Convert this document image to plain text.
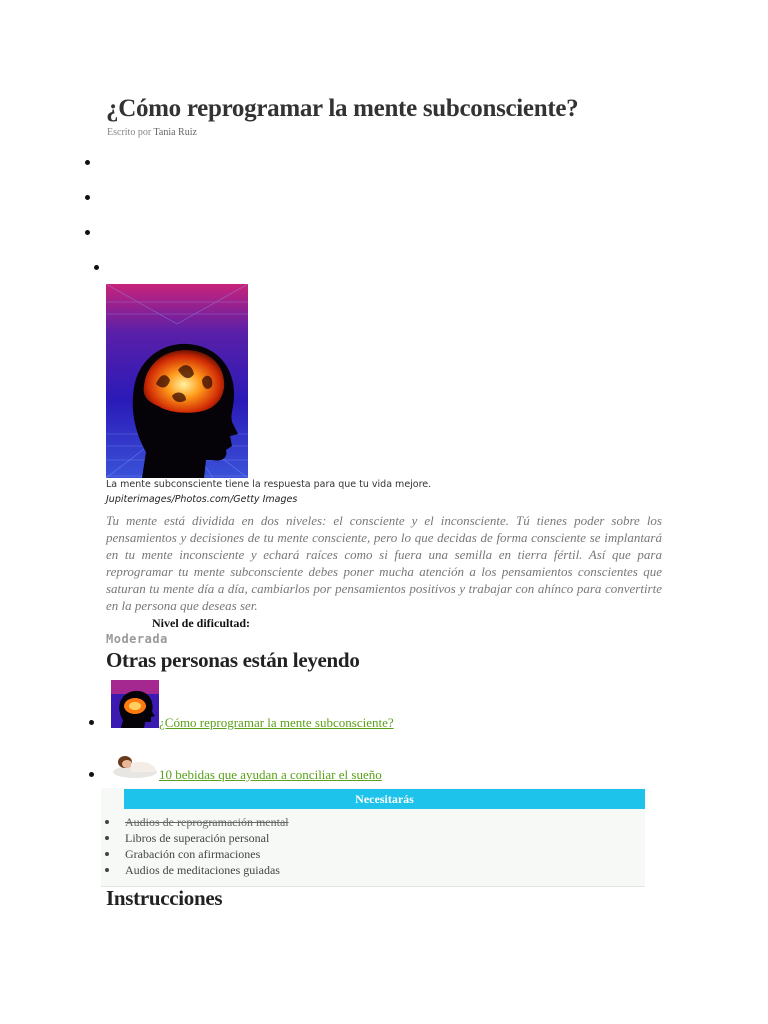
¿Cómo reprogramar la mente subconsciente?
Escrito por Tania Ruiz
La mente subconsciente tiene la respuesta para que tu vida mejore.
Jupiterimages/Photos.com/Getty Images

Tu mente está dividida en dos niveles: el consciente y el inconsciente. Tú tienes poder sobre los pensamientos y decisiones de tu mente consciente, pero lo que decidas de forma consciente se implantará en tu mente inconsciente y echará raíces como si fuera una semilla en tierra fértil. Así que para reprogramar tu mente subconsciente debes poner mucha atención a los pensamientos conscientes que saturan tu mente día a día, cambiarlos por pensamientos positivos y trabajar con ahínco para convertirte en la persona que deseas ser.

Nivel de dificultad:
Moderada
Otras personas están leyendo
¿Cómo reprogramar la mente subconsciente?
10 bebidas que ayudan a conciliar el sueño
Necesitarás
Audios de reprogramación mental
Libros de superación personal
Grabación con afirmaciones
Audios de meditaciones guiadas
Instrucciones
